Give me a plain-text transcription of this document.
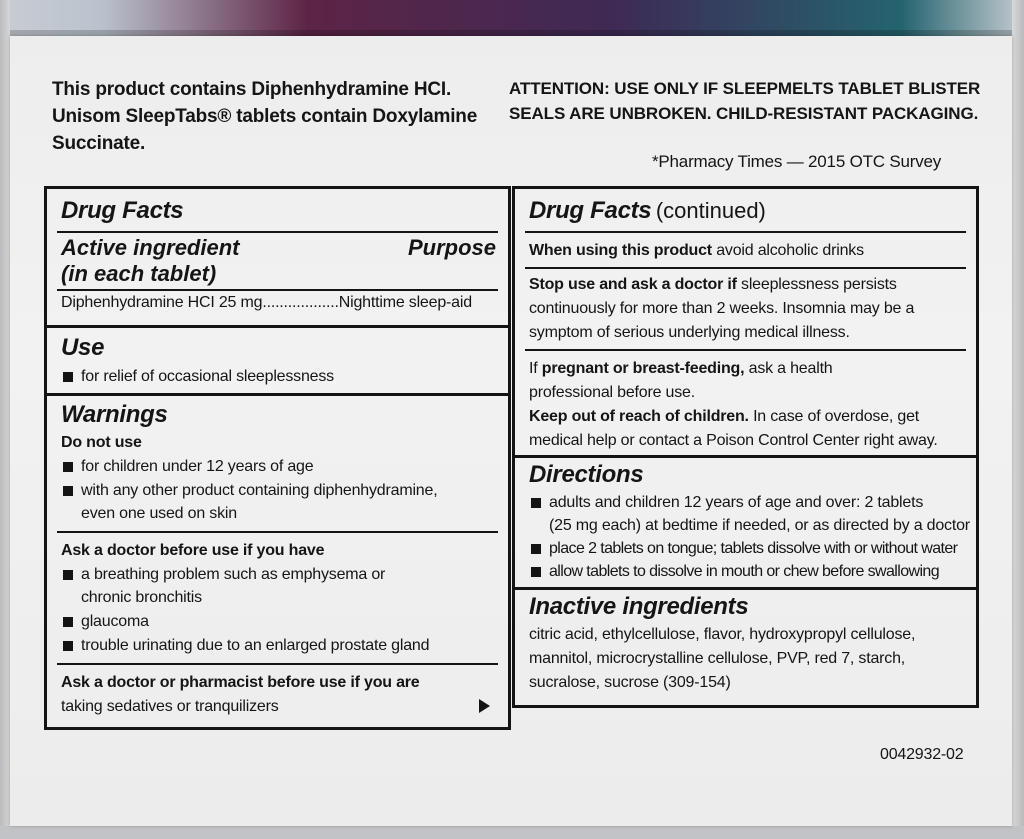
This product contains Diphenhydramine HCI. Unisom SleepTabs® tablets contain Doxylamine Succinate.
ATTENTION: USE ONLY IF SLEEPMELTS TABLET BLISTER SEALS ARE UNBROKEN. CHILD-RESISTANT PACKAGING.
*Pharmacy Times — 2015 OTC Survey
Drug Facts
Active ingredient	Purpose
(in each tablet)
Diphenhydramine HCI 25 mg..................Nighttime sleep-aid
Use
for relief of occasional sleeplessness
Warnings
Do not use
for children under 12 years of age
with any other product containing diphenhydramine,
even one used on skin
Ask a doctor before use if you have
a breathing problem such as emphysema or
chronic bronchitis
glaucoma
trouble urinating due to an enlarged prostate gland
Ask a doctor or pharmacist before use if you are
taking sedatives or tranquilizers
Drug Facts (continued)
When using this product avoid alcoholic drinks
Stop use and ask a doctor if sleeplessness persists
continuously for more than 2 weeks. Insomnia may be a
symptom of serious underlying medical illness.
If pregnant or breast-feeding, ask a health
professional before use.
Keep out of reach of children. In case of overdose, get
medical help or contact a Poison Control Center right away.
Directions
adults and children 12 years of age and over: 2 tablets
(25 mg each) at bedtime if needed, or as directed by a doctor
place 2 tablets on tongue; tablets dissolve with or without water
allow tablets to dissolve in mouth or chew before swallowing
Inactive ingredients
citric acid, ethylcellulose, flavor, hydroxypropyl cellulose,
mannitol, microcrystalline cellulose, PVP, red 7, starch,
sucralose, sucrose (309-154)
0042932-02
